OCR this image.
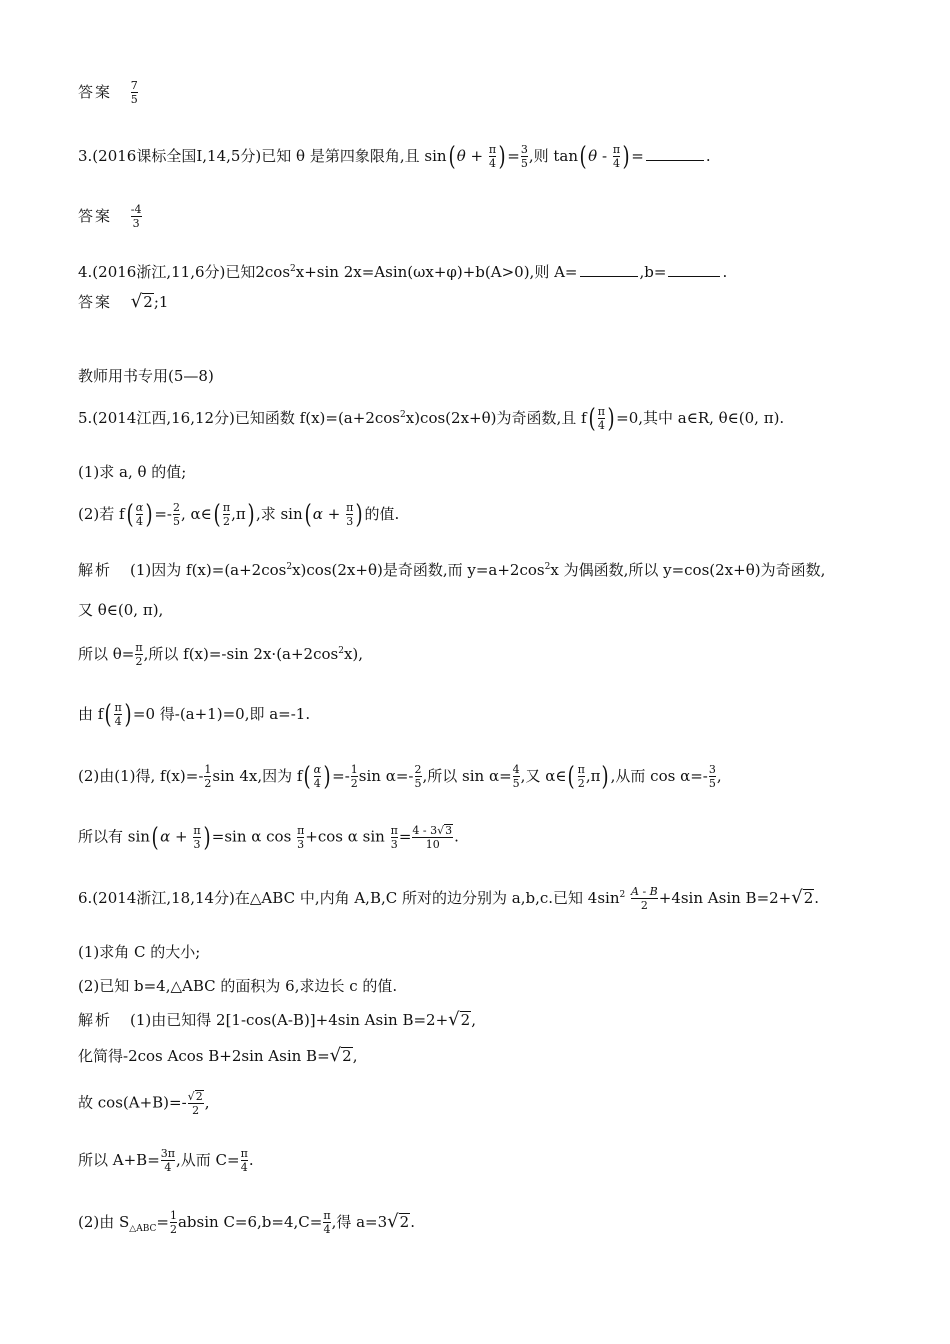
答案 $\frac{7}{5}$
3.(2016课标全国Ⅰ,14,5分)已知 θ 是第四象限角,且 sin( $\theta + \frac{\pi}{4}$ ) = $\frac{3}{5}$ ,则 tan( θ - $\frac{\pi}{4}$ ) =	.
答案 $\frac{-4}{3}$
4.(2016浙江,11,6分)已知$2\cos^2x+\sin$ 2x=Asin(ωx+φ)+b(A>0),则 A=	,b=	.
答案 √2;1
教师用书专用(5—8)
5.(2014江西,16,12分)已知函数 $f(x)=(a+2\cos^2x)\cos(2x+\theta)$为奇函数,且 $f( \frac{\pi}{4}$ ) =0,其中 a∈R, θ∈(0, π).
(1)求 a, θ 的值;
(2)若 $f( \frac{\alpha}{4}$ ) =- $\frac{2}{5}$ , α∈( $\frac{\pi}{2} ,\pi$) ,求 sin( $\alpha + \frac{\pi}{3}$ ) 的值.
解析 (1)因为 $f(x)=(a+2\cos^2x)\cos(2x+\theta)$是奇函数,而 $y=a+2\cos^2x$ 为偶函数,所以 y=cos(2x+θ)为奇函数,
又 θ∈(0, π),
所以 $\theta= \frac{\pi}{2}$ ,所以 f(x)=-sin $2x\cdot(a+2\cos^2x)$,
由 $f( \frac{\pi}{4}$ ) =0 得-(a+1)=0,即 a=-1.
(2)由(1)得, $f(x)=- \frac{1}{2}$ sin 4x,因为 $f( \frac{\alpha}{4}$ ) =- $\frac{1}{2}$ $\sin \alpha=- \frac{2}{5}$ ,所以 $\sin \alpha= \frac{4}{5}$ ,又 α∈( $\frac{\pi}{2} ,\pi$) ,从而 $\cos \alpha=- \frac{3}{5}$ ,
所以有 sin( $\alpha + \frac{\pi}{3}$ ) =sin α $\cos \frac{\pi}{3} +\cos$ α $\sin \frac{\pi}{3} = \frac{4 - 3√3}{10}$ .
6.(2014浙江,18,14分)在△ABC 中,内角 A,B,C 所对的边分别为 a,b,c.已知 $4\sin^2 \frac{A - B}{2} +4\sin$ Asin B=2+√2.
(1)求角 C 的大小;
(2)已知 b=4,△ABC 的面积为 6,求边长 c 的值.
解析 (1)由已知得 2[1-cos(A-B)]+4sin Asin B=2+√2,
化简得-2cos Acos B+2sin Asin B=√2,
故 $\cos(A+B)=- \frac{√2}{2}$ ,
所以 $A+B= \frac{3\pi}{4}$ ,从而 $C= \frac{\pi}{4}$ .
(2)由 $S_{\triangle ABC}= \frac{1}{2}$ absin $C=6,b=4,C= \frac{\pi}{4}$ ,得 a=3√2.
